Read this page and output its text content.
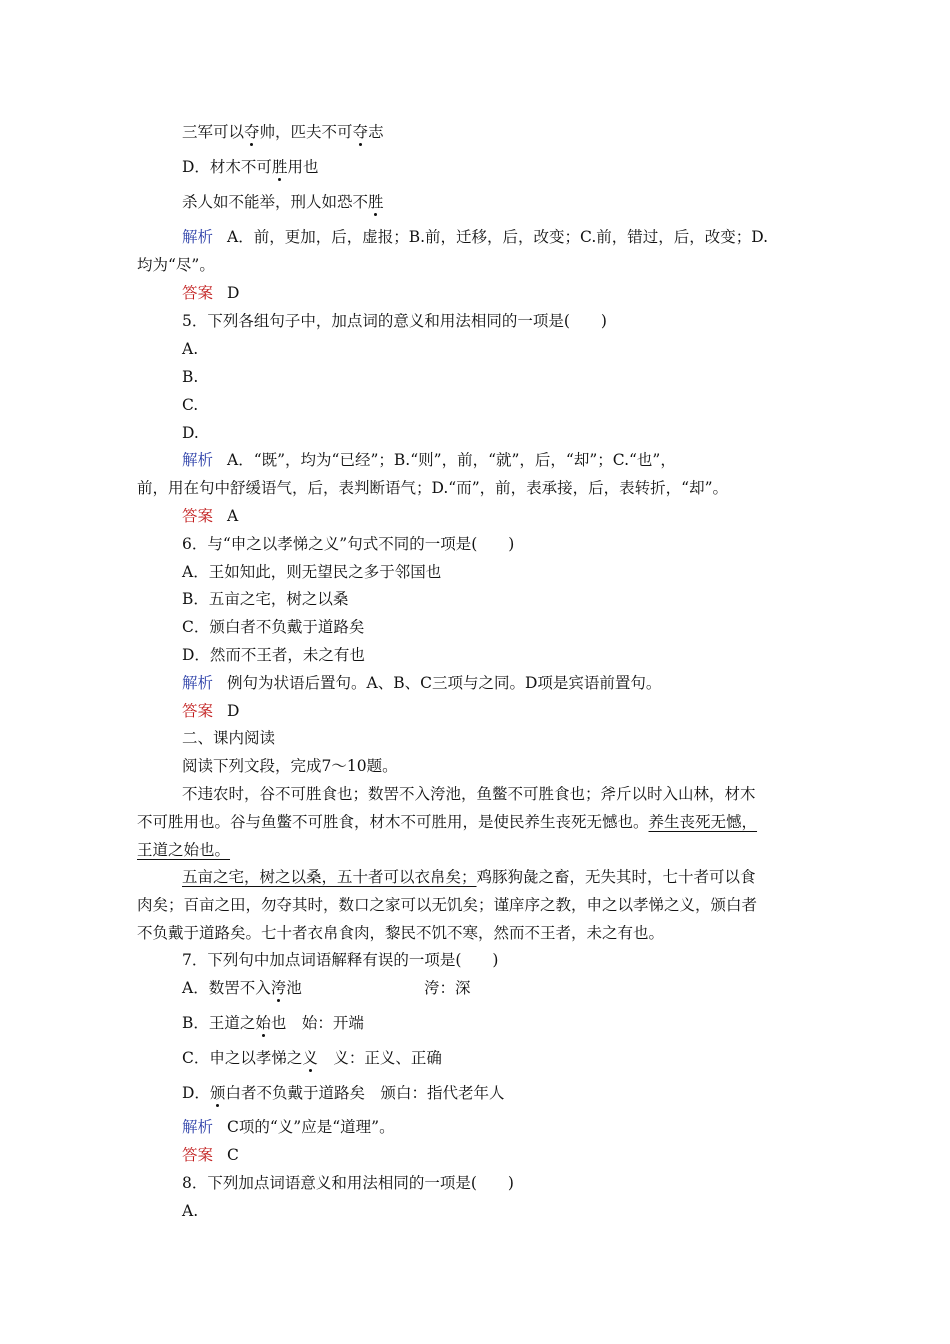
三军可以夺帅，匹夫不可夺志
D．材木不可胜用也
杀人如不能举，刑人如恐不胜
解析 A．前，更加，后，虚报；B.前，迁移，后，改变；C.前，错过，后，改变；D.
均为“尽”。
答案 D
5．下列各组句子中，加点词的意义和用法相同的一项是(　　)
A.
B.
C.
D.
解析 A．“既”，均为“已经”；B.“则”，前，“就”，后，“却”；C.“也”，
前，用在句中舒缓语气，后，表判断语气；D.“而”，前，表承接，后，表转折，“却”。
答案 A
6．与“申之以孝悌之义”句式不同的一项是(　　)
A．王如知此，则无望民之多于邻国也
B．五亩之宅，树之以桑
C．颁白者不负戴于道路矣
D．然而不王者，未之有也
解析 例句为状语后置句。A、B、C三项与之同。D项是宾语前置句。
答案 D
二、课内阅读
阅读下列文段，完成7～10题。
不违农时，谷不可胜食也；数罟不入洿池，鱼鳖不可胜食也；斧斤以时入山林，材木
不可胜用也。谷与鱼鳖不可胜食，材木不可胜用，是使民养生丧死无憾也。养生丧死无憾，
王道之始也。
五亩之宅，树之以桑，五十者可以衣帛矣；鸡豚狗彘之畜，无失其时，七十者可以食
肉矣；百亩之田，勿夺其时，数口之家可以无饥矣；谨庠序之教，申之以孝悌之义，颁白者
不负戴于道路矣。七十者衣帛食肉，黎民不饥不寒，然而不王者，未之有也。
7．下列句中加点词语解释有误的一项是(　　)
A．数罟不入洿池	洿：深
B．王道之始也　始：开端
C．申之以孝悌之义　义：正义、正确
D．颁白者不负戴于道路矣　颁白：指代老年人
解析 C项的“义”应是“道理”。
答案 C
8．下列加点词语意义和用法相同的一项是(　　)
A.
